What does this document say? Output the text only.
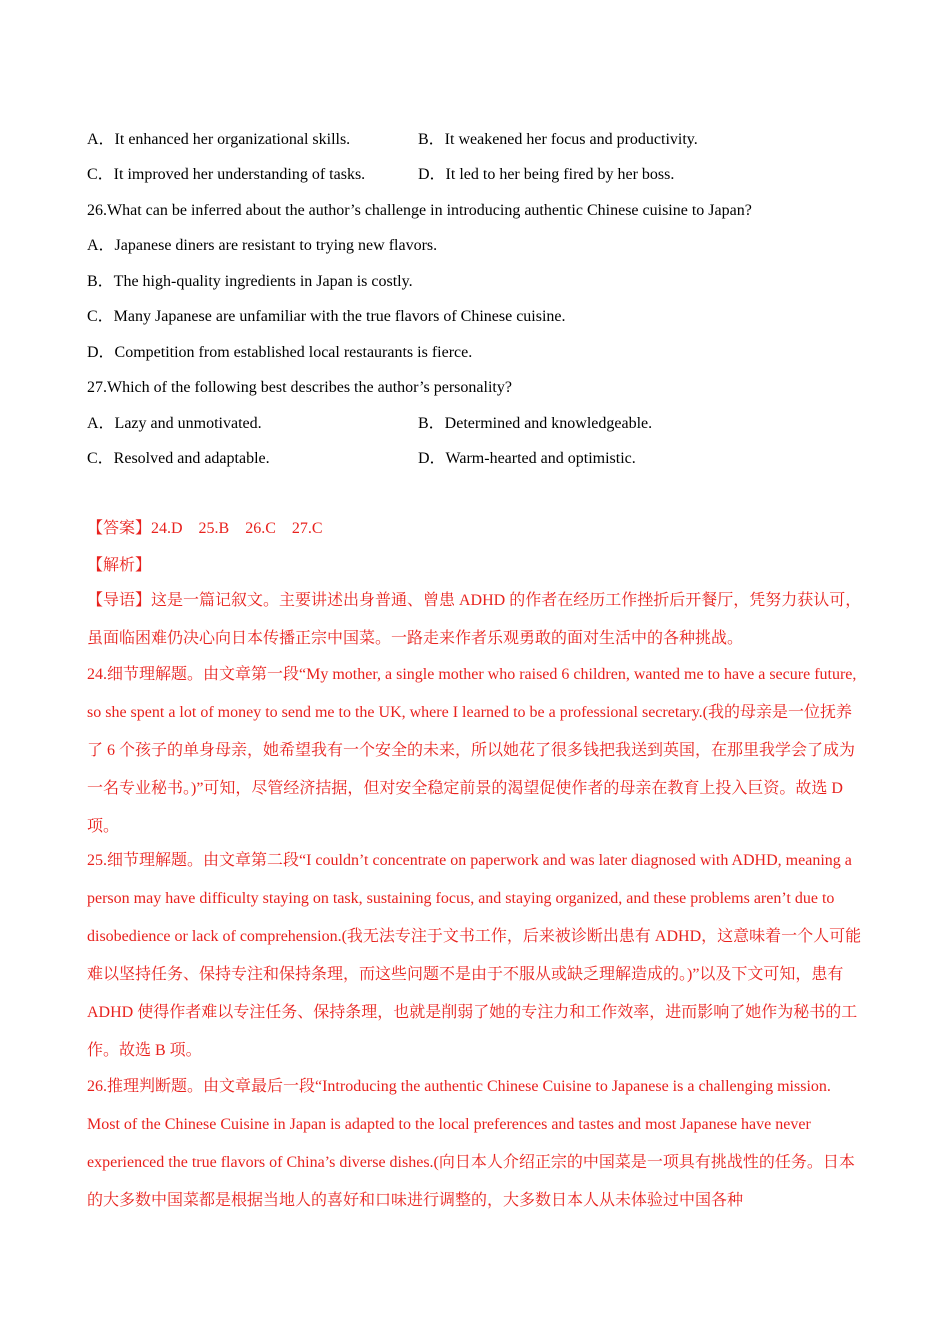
A．It enhanced her organizational skills.	B．It weakened her focus and productivity.
C．It improved her understanding of tasks.	D．It led to her being fired by her boss.
26.What can be inferred about the author’s challenge in introducing authentic Chinese cuisine to Japan?
A．Japanese diners are resistant to trying new flavors.
B．The high-quality ingredients in Japan is costly.
C．Many Japanese are unfamiliar with the true flavors of Chinese cuisine.
D．Competition from established local restaurants is fierce.
27.Which of the following best describes the author’s personality?
A．Lazy and unmotivated.	B．Determined and knowledgeable.
C．Resolved and adaptable.	D．Warm-hearted and optimistic.
【答案】24.D　25.B　26.C　27.C
【解析】
【导语】这是一篇记叙文。主要讲述出身普通、曾患 ADHD 的作者在经历工作挫折后开餐厅，凭努力获认可，虽面临困难仍决心向日本传播正宗中国菜。一路走来作者乐观勇敢的面对生活中的各种挑战。
24.细节理解题。由文章第一段“My mother, a single mother who raised 6 children, wanted me to have a secure future, so she spent a lot of money to send me to the UK, where I learned to be a professional secretary.(我的母亲是一位抚养了 6 个孩子的单身母亲，她希望我有一个安全的未来，所以她花了很多钱把我送到英国，在那里我学会了成为一名专业秘书。)”可知，尽管经济拮据，但对安全稳定前景的渴望促使作者的母亲在教育上投入巨资。故选 D 项。
25.细节理解题。由文章第二段“I couldn’t concentrate on paperwork and was later diagnosed with ADHD, meaning a person may have difficulty staying on task, sustaining focus, and staying organized, and these problems aren’t due to disobedience or lack of comprehension.(我无法专注于文书工作，后来被诊断出患有 ADHD，这意味着一个人可能难以坚持任务、保持专注和保持条理，而这些问题不是由于不服从或缺乏理解造成的。)”以及下文可知，患有 ADHD 使得作者难以专注任务、保持条理，也就是削弱了她的专注力和工作效率，进而影响了她作为秘书的工作。故选 B 项。
26.推理判断题。由文章最后一段“Introducing the authentic Chinese Cuisine to Japanese is a challenging mission. Most of the Chinese Cuisine in Japan is adapted to the local preferences and tastes and most Japanese have never experienced the true flavors of China’s diverse dishes.(向日本人介绍正宗的中国菜是一项具有挑战性的任务。日本的大多数中国菜都是根据当地人的喜好和口味进行调整的，大多数日本人从未体验过中国各种
